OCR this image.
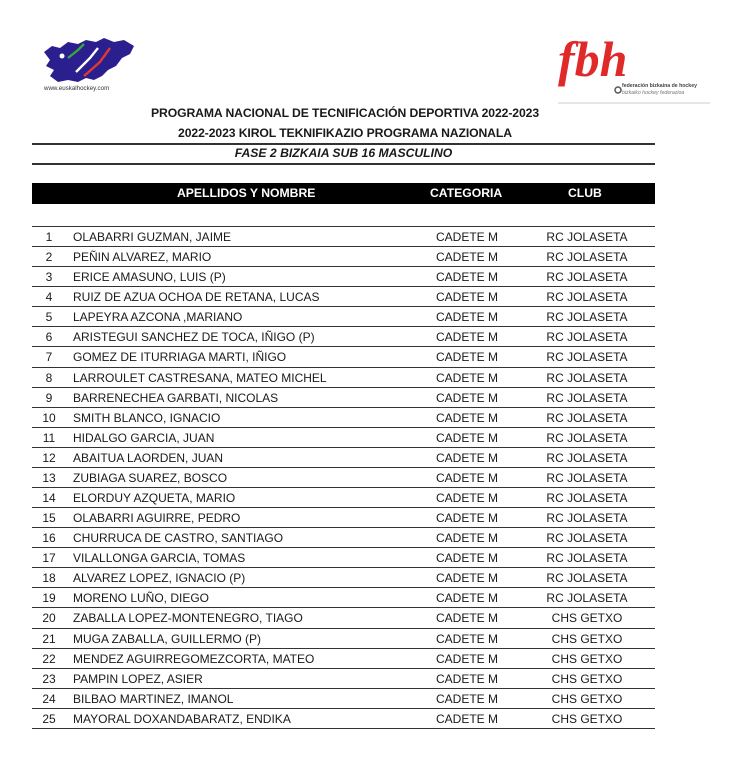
www.euskalhockey.com
fbh
federación bizkaina de hockey
bizkaiko hockey federazioa
PROGRAMA NACIONAL DE TECNIFICACIÓN DEPORTIVA 2022-2023
2022-2023 KIROL TEKNIFIKAZIO PROGRAMA NAZIONALA
FASE 2 BIZKAIA SUB 16 MASCULINO
APELLIDOS Y NOMBRE	CATEGORIA	CLUB
1	OLABARRI GUZMAN, JAIME	CADETE M	RC JOLASETA
2	PEÑIN ALVAREZ, MARIO	CADETE M	RC JOLASETA
3	ERICE AMASUNO, LUIS (P)	CADETE M	RC JOLASETA
4	RUIZ DE AZUA OCHOA DE RETANA, LUCAS	CADETE M	RC JOLASETA
5	LAPEYRA AZCONA ,MARIANO	CADETE M	RC JOLASETA
6	ARISTEGUI SANCHEZ DE TOCA, IÑIGO (P)	CADETE M	RC JOLASETA
7	GOMEZ DE ITURRIAGA MARTI, IÑIGO	CADETE M	RC JOLASETA
8	LARROULET CASTRESANA, MATEO MICHEL	CADETE M	RC JOLASETA
9	BARRENECHEA GARBATI, NICOLAS	CADETE M	RC JOLASETA
10	SMITH BLANCO, IGNACIO	CADETE M	RC JOLASETA
11	HIDALGO GARCIA, JUAN	CADETE M	RC JOLASETA
12	ABAITUA LAORDEN, JUAN	CADETE M	RC JOLASETA
13	ZUBIAGA SUAREZ, BOSCO	CADETE M	RC JOLASETA
14	ELORDUY AZQUETA, MARIO	CADETE M	RC JOLASETA
15	OLABARRI AGUIRRE, PEDRO	CADETE M	RC JOLASETA
16	CHURRUCA DE CASTRO, SANTIAGO	CADETE M	RC JOLASETA
17	VILALLONGA GARCIA, TOMAS	CADETE M	RC JOLASETA
18	ALVAREZ LOPEZ, IGNACIO (P)	CADETE M	RC JOLASETA
19	MORENO LUÑO, DIEGO	CADETE M	RC JOLASETA
20	ZABALLA LOPEZ-MONTENEGRO, TIAGO	CADETE M	CHS GETXO
21	MUGA ZABALLA, GUILLERMO (P)	CADETE M	CHS GETXO
22	MENDEZ AGUIRREGOMEZCORTA, MATEO	CADETE M	CHS GETXO
23	PAMPIN LOPEZ, ASIER	CADETE M	CHS GETXO
24	BILBAO MARTINEZ, IMANOL	CADETE M	CHS GETXO
25	MAYORAL DOXANDABARATZ, ENDIKA	CADETE M	CHS GETXO
